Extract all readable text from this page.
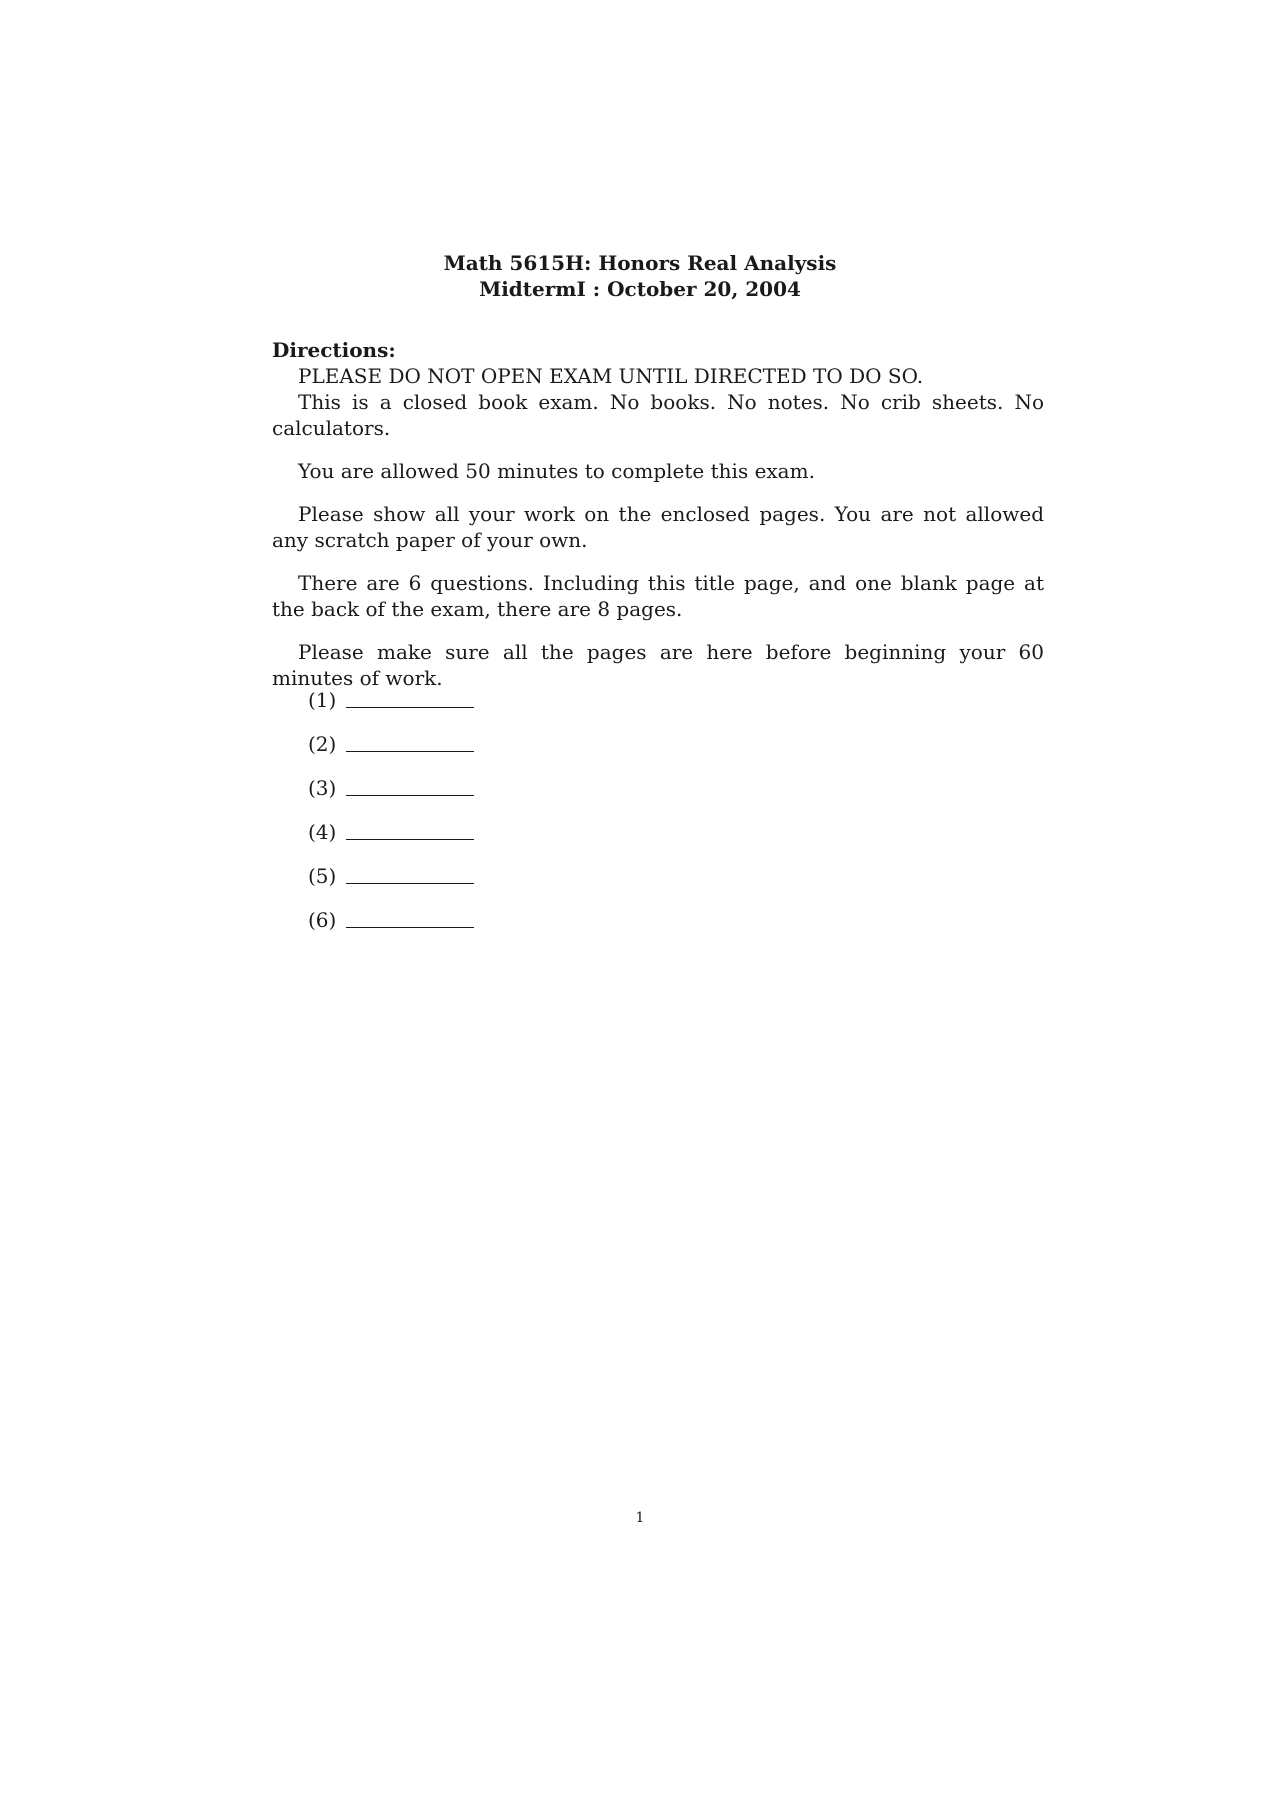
Math 5615H: Honors Real Analysis
MidtermI : October 20, 2004

Directions:

PLEASE DO NOT OPEN EXAM UNTIL DIRECTED TO DO SO.

This is a closed book exam. No books. No notes. No crib sheets. No calculators.

You are allowed 50 minutes to complete this exam.

Please show all your work on the enclosed pages. You are not allowed any scratch paper of your own.

There are 6 questions. Including this title page, and one blank page at the back of the exam, there are 8 pages.

Please make sure all the pages are here before beginning your 60 minutes of work.

(1)
(2)
(3)
(4)
(5)
(6)
1
